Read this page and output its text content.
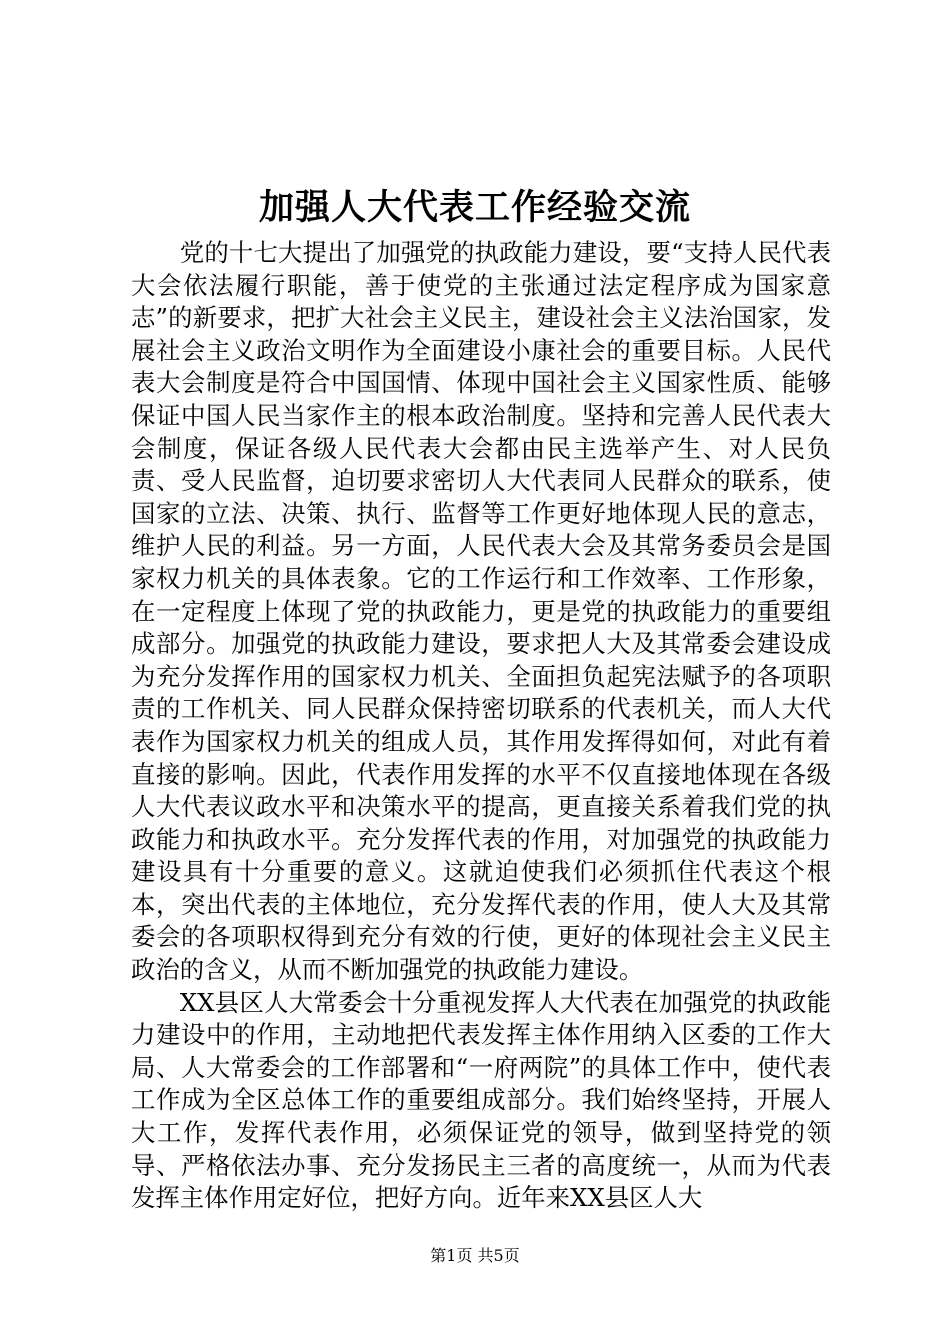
加强人大代表工作经验交流

党的十七大提出了加强党的执政能力建设，要“支持人民代表大会依法履行职能，善于使党的主张通过法定程序成为国家意志”的新要求，把扩大社会主义民主，建设社会主义法治国家，发展社会主义政治文明作为全面建设小康社会的重要目标。人民代表大会制度是符合中国国情、体现中国社会主义国家性质、能够保证中国人民当家作主的根本政治制度。坚持和完善人民代表大会制度，保证各级人民代表大会都由民主选举产生、对人民负责、受人民监督，迫切要求密切人大代表同人民群众的联系，使国家的立法、决策、执行、监督等工作更好地体现人民的意志，维护人民的利益。另一方面，人民代表大会及其常务委员会是国家权力机关的具体表象。它的工作运行和工作效率、工作形象，在一定程度上体现了党的执政能力，更是党的执政能力的重要组成部分。加强党的执政能力建设，要求把人大及其常委会建设成为充分发挥作用的国家权力机关、全面担负起宪法赋予的各项职责的工作机关、同人民群众保持密切联系的代表机关，而人大代表作为国家权力机关的组成人员，其作用发挥得如何，对此有着直接的影响。因此，代表作用发挥的水平不仅直接地体现在各级人大代表议政水平和决策水平的提高，更直接关系着我们党的执政能力和执政水平。充分发挥代表的作用，对加强党的执政能力建设具有十分重要的意义。这就迫使我们必须抓住代表这个根本，突出代表的主体地位，充分发挥代表的作用，使人大及其常委会的各项职权得到充分有效的行使，更好的体现社会主义民主政治的含义，从而不断加强党的执政能力建设。

XX县区人大常委会十分重视发挥人大代表在加强党的执政能力建设中的作用，主动地把代表发挥主体作用纳入区委的工作大局、人大常委会的工作部署和“一府两院”的具体工作中，使代表工作成为全区总体工作的重要组成部分。我们始终坚持，开展人大工作，发挥代表作用，必须保证党的领导，做到坚持党的领导、严格依法办事、充分发扬民主三者的高度统一，从而为代表发挥主体作用定好位，把好方向。近年来XX县区人大

第1页 共5页
